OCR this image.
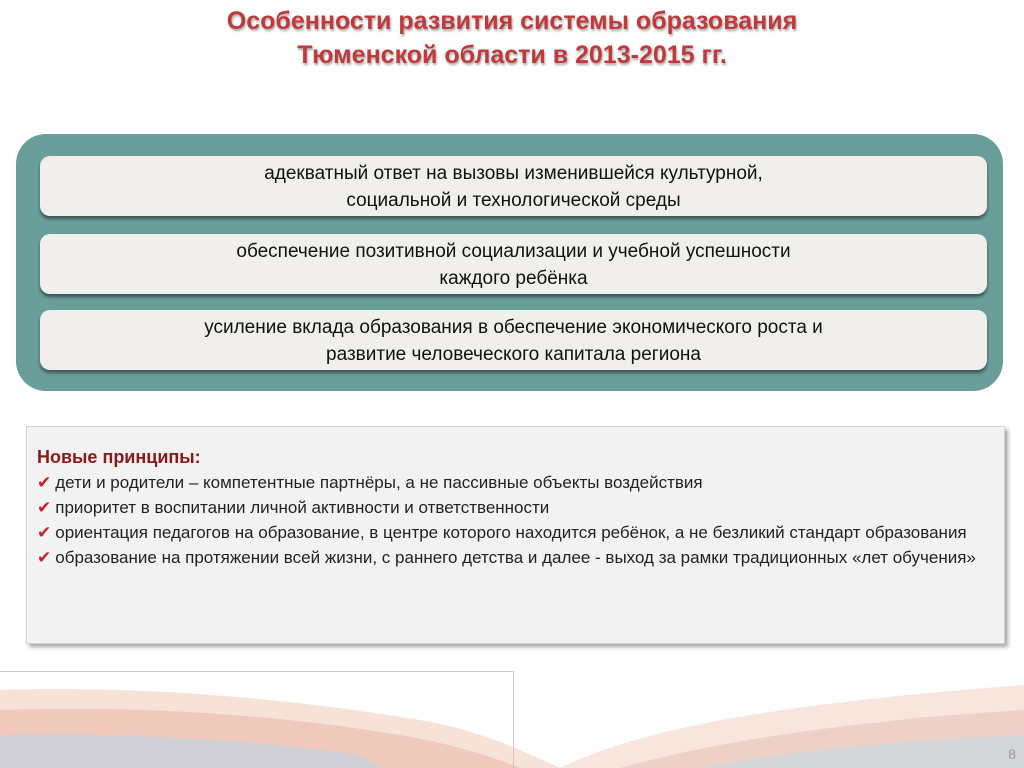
Особенности развития системы образования
Тюменской области в 2013-2015 гг.
адекватный ответ на вызовы изменившейся культурной,
социальной и технологической среды
обеспечение позитивной социализации и учебной успешности
каждого ребёнка
усиление вклада образования в обеспечение экономического роста и
развитие человеческого капитала региона
Новые принципы:
✔ дети и родители – компетентные партнёры, а не пассивные объекты воздействия
✔ приоритет в воспитании личной активности и ответственности
✔ ориентация педагогов на образование, в центре которого находится ребёнок, а не безликий стандарт образования
✔ образование на протяжении всей жизни, с раннего детства и далее - выход за рамки традиционных «лет обучения»
8
